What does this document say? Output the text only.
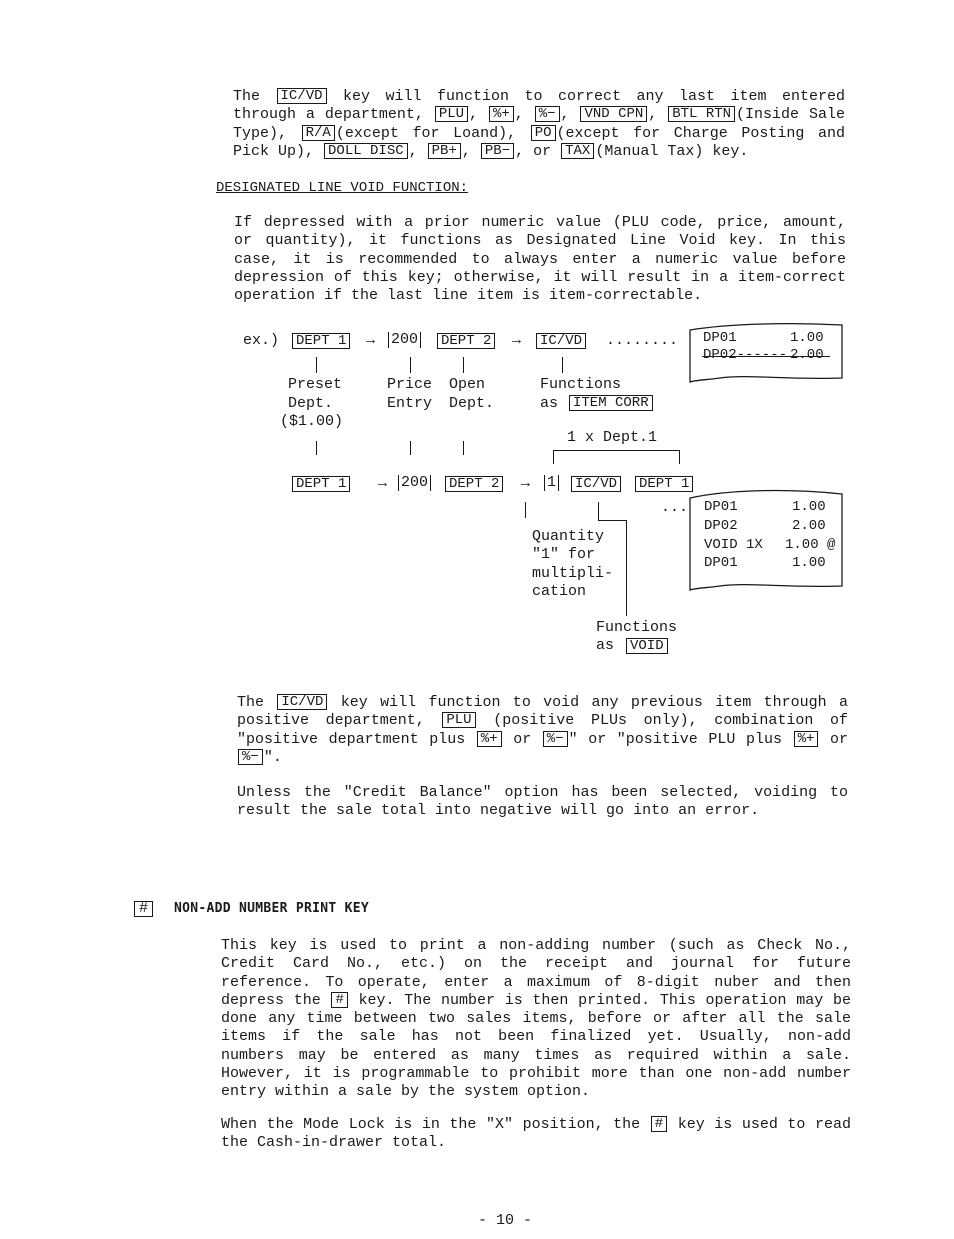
The IC/VD key will function to correct any last item entered through a department, PLU , %+ , %− , VND CPN , BTL RTN (Inside Sale Type), R/A (except for Loand), PO (except for Charge Posting and Pick Up), DOLL DISC , PB+ , PB− , or TAX (Manual Tax) key.
DESIGNATED LINE VOID FUNCTION:
If depressed with a prior numeric value (PLU code, price, amount, or quantity), it functions as Designated Line Void key. In this case, it is recommended to always enter a numeric value before depression of this key; otherwise, it will result in a item-correct operation if the last line item is item-correctable.
ex.) DEPT 1 → 200 DEPT 2 → IC/VD ........
Preset
Dept.
($1.00)
Price
Entry
Open
Dept.
Functions
as ITEM CORR
DP01	1.00
DP02------ 2.00
1 x Dept.1
DEPT 1 → 200 DEPT 2 → 1 IC/VD DEPT 1
...
Quantity
"1" for
multipli-
cation
Functions
as VOID
DP01	1.00
DP02	2.00
VOID 1X 1.00 @
DP01	1.00
The IC/VD key will function to void any previous item through a positive department, PLU (positive PLUs only), combination of "positive department plus %+ or %− " or "positive PLU plus %+ or %− ".
Unless the "Credit Balance" option has been selected, voiding to result the sale total into negative will go into an error.
#	NON-ADD NUMBER PRINT KEY
This key is used to print a non-adding number (such as Check No., Credit Card No., etc.) on the receipt and journal for future reference. To operate, enter a maximum of 8-digit nuber and then depress the # key. The number is then printed. This operation may be done any time between two sales items, before or after all the sale items if the sale has not been finalized yet. Usually, non-add numbers may be entered as many times as required within a sale. However, it is programmable to prohibit more than one non-add number entry within a sale by the system option.
When the Mode Lock is in the "X" position, the # key is used to read the Cash-in-drawer total.
- 10 -
